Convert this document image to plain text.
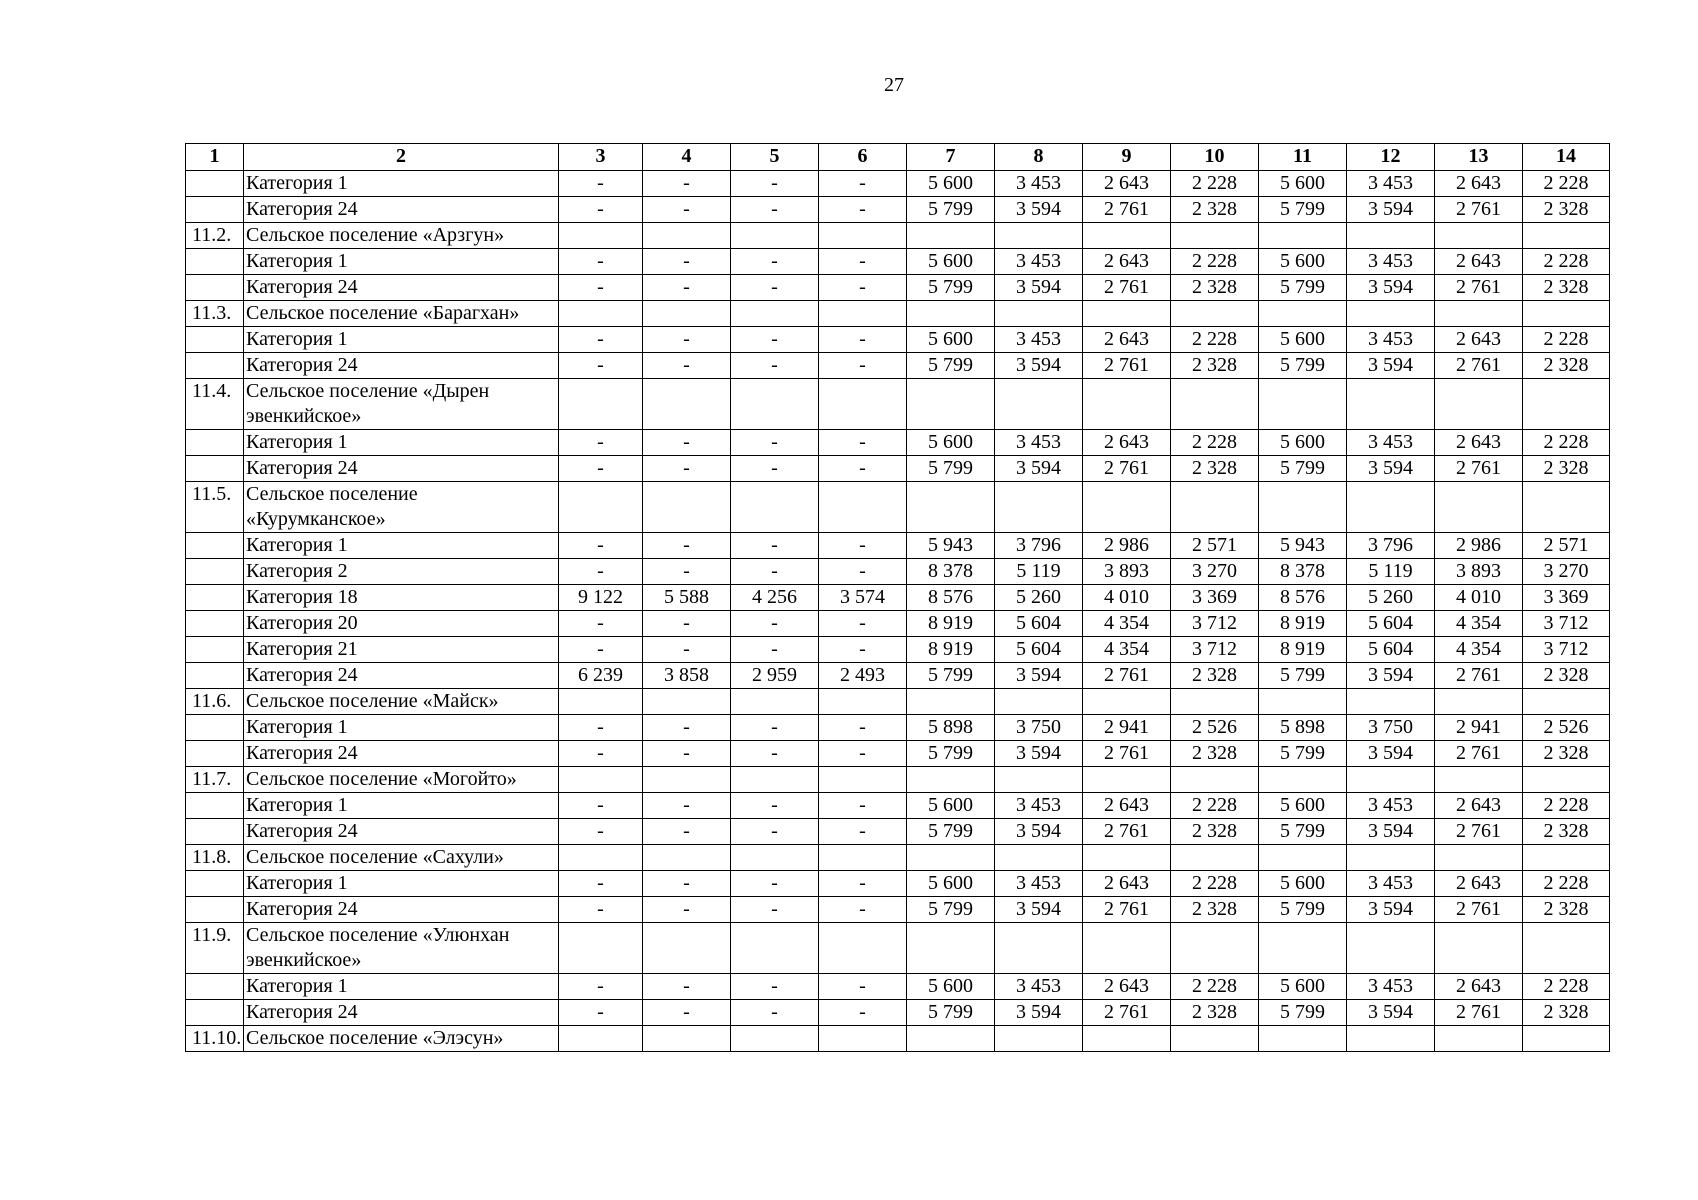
27
1	2	3	4	5	6	7	8	9	10	11	12	13	14
	Категория 1	-	-	-	-	5 600	3 453	2 643	2 228	5 600	3 453	2 643	2 228
	Категория 24	-	-	-	-	5 799	3 594	2 761	2 328	5 799	3 594	2 761	2 328
11.2.	Сельское поселение «Арзгун»												
	Категория 1	-	-	-	-	5 600	3 453	2 643	2 228	5 600	3 453	2 643	2 228
	Категория 24	-	-	-	-	5 799	3 594	2 761	2 328	5 799	3 594	2 761	2 328
11.3.	Сельское поселение «Барагхан»												
	Категория 1	-	-	-	-	5 600	3 453	2 643	2 228	5 600	3 453	2 643	2 228
	Категория 24	-	-	-	-	5 799	3 594	2 761	2 328	5 799	3 594	2 761	2 328
11.4.	Сельское поселение «Дырен эвенкийское»												
	Категория 1	-	-	-	-	5 600	3 453	2 643	2 228	5 600	3 453	2 643	2 228
	Категория 24	-	-	-	-	5 799	3 594	2 761	2 328	5 799	3 594	2 761	2 328
11.5.	Сельское поселение «Курумканское»												
	Категория 1	-	-	-	-	5 943	3 796	2 986	2 571	5 943	3 796	2 986	2 571
	Категория 2	-	-	-	-	8 378	5 119	3 893	3 270	8 378	5 119	3 893	3 270
	Категория 18	9 122	5 588	4 256	3 574	8 576	5 260	4 010	3 369	8 576	5 260	4 010	3 369
	Категория 20	-	-	-	-	8 919	5 604	4 354	3 712	8 919	5 604	4 354	3 712
	Категория 21	-	-	-	-	8 919	5 604	4 354	3 712	8 919	5 604	4 354	3 712
	Категория 24	6 239	3 858	2 959	2 493	5 799	3 594	2 761	2 328	5 799	3 594	2 761	2 328
11.6.	Сельское поселение «Майск»												
	Категория 1	-	-	-	-	5 898	3 750	2 941	2 526	5 898	3 750	2 941	2 526
	Категория 24	-	-	-	-	5 799	3 594	2 761	2 328	5 799	3 594	2 761	2 328
11.7.	Сельское поселение «Могойто»												
	Категория 1	-	-	-	-	5 600	3 453	2 643	2 228	5 600	3 453	2 643	2 228
	Категория 24	-	-	-	-	5 799	3 594	2 761	2 328	5 799	3 594	2 761	2 328
11.8.	Сельское поселение «Сахули»												
	Категория 1	-	-	-	-	5 600	3 453	2 643	2 228	5 600	3 453	2 643	2 228
	Категория 24	-	-	-	-	5 799	3 594	2 761	2 328	5 799	3 594	2 761	2 328
11.9.	Сельское поселение «Улюнхан эвенкийское»												
	Категория 1	-	-	-	-	5 600	3 453	2 643	2 228	5 600	3 453	2 643	2 228
	Категория 24	-	-	-	-	5 799	3 594	2 761	2 328	5 799	3 594	2 761	2 328
11.10.	Сельское поселение «Элэсун»												
